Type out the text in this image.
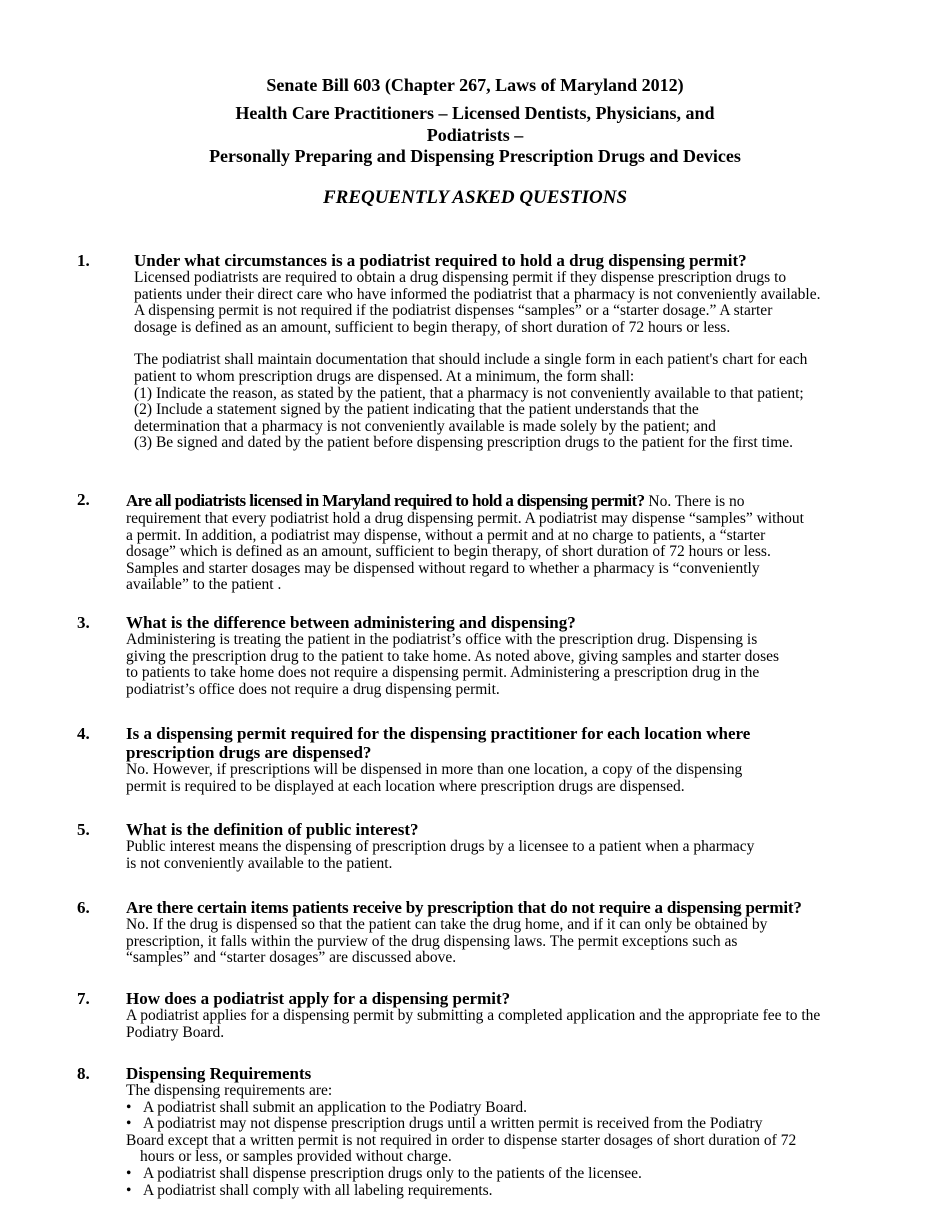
Senate Bill 603 (Chapter 267, Laws of Maryland 2012)
Health Care Practitioners – Licensed Dentists, Physicians, and
Podiatrists –
Personally Preparing and Dispensing Prescription Drugs and Devices
FREQUENTLY ASKED QUESTIONS
1.	Under what circumstances is a podiatrist required to hold a drug dispensing permit?

Licensed podiatrists are required to obtain a drug dispensing permit if they dispense prescription drugs to

patients under their direct care who have informed the podiatrist that a pharmacy is not conveniently available.

A dispensing permit is not required if the podiatrist dispenses “samples” or a “starter dosage.” A starter

dosage is defined as an amount, sufficient to begin therapy, of short duration of 72 hours or less.

The podiatrist shall maintain documentation that should include a single form in each patient's chart for each

patient to whom prescription drugs are dispensed. At a minimum, the form shall:

(1) Indicate the reason, as stated by the patient, that a pharmacy is not conveniently available to that patient;

(2) Include a statement signed by the patient indicating that the patient understands that the

determination that a pharmacy is not conveniently available is made solely by the patient; and

(3) Be signed and dated by the patient before dispensing prescription drugs to the patient for the first time.

2. Are all podiatrists licensed in Maryland required to hold a dispensing permit? No. There is no

requirement that every podiatrist hold a drug dispensing permit. A podiatrist may dispense “samples” without

a permit. In addition, a podiatrist may dispense, without a permit and at no charge to patients, a “starter

dosage” which is defined as an amount, sufficient to begin therapy, of short duration of 72 hours or less.

Samples and starter dosages may be dispensed without regard to whether a pharmacy is “conveniently

available” to the patient .

3. What is the difference between administering and dispensing?

Administering is treating the patient in the podiatrist’s office with the prescription drug. Dispensing is

giving the prescription drug to the patient to take home. As noted above, giving samples and starter doses

to patients to take home does not require a dispensing permit. Administering a prescription drug in the

podiatrist’s office does not require a drug dispensing permit.

4. Is a dispensing permit required for the dispensing practitioner for each location where
prescription drugs are dispensed?

No. However, if prescriptions will be dispensed in more than one location, a copy of the dispensing

permit is required to be displayed at each location where prescription drugs are dispensed.

5. What is the definition of public interest?

Public interest means the dispensing of prescription drugs by a licensee to a patient when a pharmacy

is not conveniently available to the patient.

6. Are there certain items patients receive by prescription that do not require a dispensing permit?

No. If the drug is dispensed so that the patient can take the drug home, and if it can only be obtained by

prescription, it falls within the purview of the drug dispensing laws. The permit exceptions such as

“samples” and “starter dosages” are discussed above.

7. How does a podiatrist apply for a dispensing permit?

A podiatrist applies for a dispensing permit by submitting a completed application and the appropriate fee to the

Podiatry Board.

8. Dispensing Requirements

The dispensing requirements are:

• A podiatrist shall submit an application to the Podiatry Board.

• A podiatrist may not dispense prescription drugs until a written permit is received from the Podiatry

Board except that a written permit is not required in order to dispense starter dosages of short duration of 72

hours or less, or samples provided without charge.

• A podiatrist shall dispense prescription drugs only to the patients of the licensee.

• A podiatrist shall comply with all labeling requirements.
